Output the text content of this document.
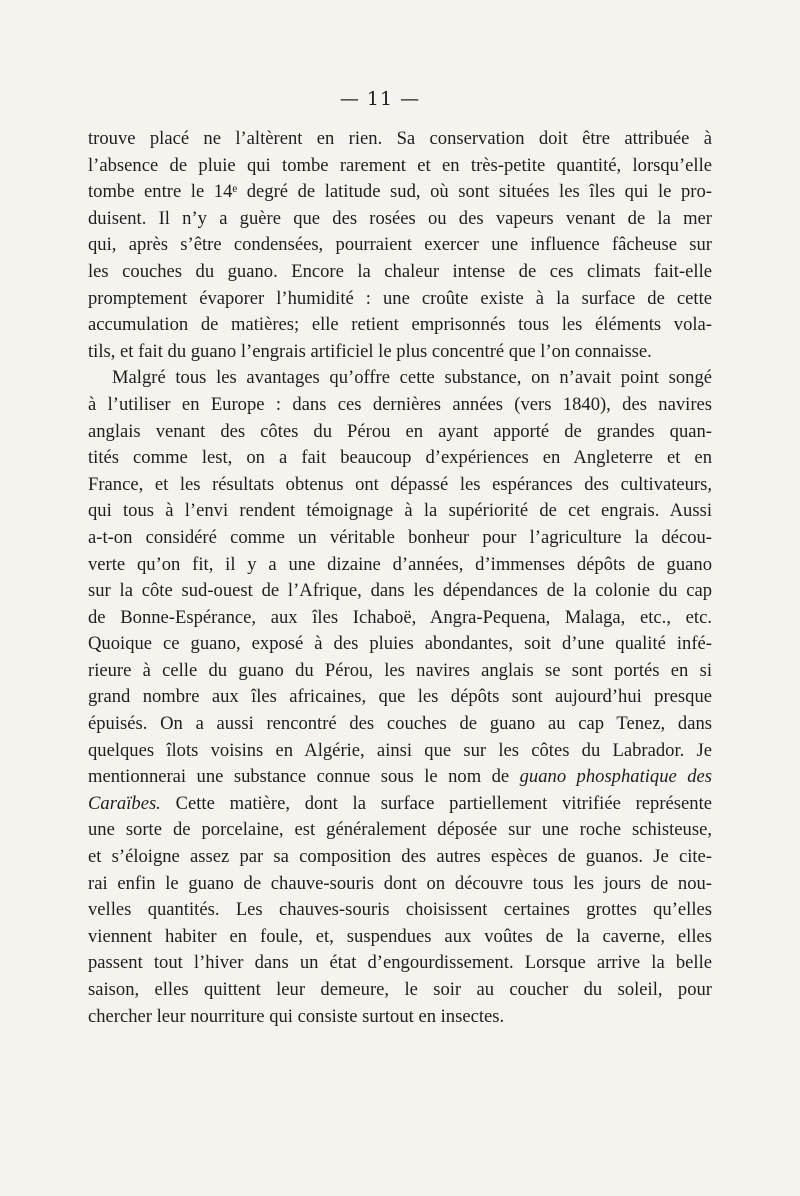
— 11 —
trouve placé ne l’altèrent en rien. Sa conservation doit être attribuée à
l’absence de pluie qui tombe rarement et en très-petite quantité, lorsqu’elle
tombe entre le 14ᵉ degré de latitude sud, où sont situées les îles qui le pro-
duisent. Il n’y a guère que des rosées ou des vapeurs venant de la mer
qui, après s’être condensées, pourraient exercer une influence fâcheuse sur
les couches du guano. Encore la chaleur intense de ces climats fait-elle
promptement évaporer l’humidité : une croûte existe à la surface de cette
accumulation de matières; elle retient emprisonnés tous les éléments vola-
tils, et fait du guano l’engrais artificiel le plus concentré que l’on connaisse.
Malgré tous les avantages qu’offre cette substance, on n’avait point songé
à l’utiliser en Europe : dans ces dernières années (vers 1840), des navires
anglais venant des côtes du Pérou en ayant apporté de grandes quan-
tités comme lest, on a fait beaucoup d’expériences en Angleterre et en
France, et les résultats obtenus ont dépassé les espérances des cultivateurs,
qui tous à l’envi rendent témoignage à la supériorité de cet engrais. Aussi
a-t-on considéré comme un véritable bonheur pour l’agriculture la décou-
verte qu’on fit, il y a une dizaine d’années, d’immenses dépôts de guano
sur la côte sud-ouest de l’Afrique, dans les dépendances de la colonie du cap
de Bonne-Espérance, aux îles Ichaboë, Angra-Pequena, Malaga, etc., etc.
Quoique ce guano, exposé à des pluies abondantes, soit d’une qualité infé-
rieure à celle du guano du Pérou, les navires anglais se sont portés en si
grand nombre aux îles africaines, que les dépôts sont aujourd’hui presque
épuisés. On a aussi rencontré des couches de guano au cap Tenez, dans
quelques îlots voisins en Algérie, ainsi que sur les côtes du Labrador. Je
mentionnerai une substance connue sous le nom de guano phosphatique des
Caraïbes. Cette matière, dont la surface partiellement vitrifiée représente
une sorte de porcelaine, est généralement déposée sur une roche schisteuse,
et s’éloigne assez par sa composition des autres espèces de guanos. Je cite-
rai enfin le guano de chauve-souris dont on découvre tous les jours de nou-
velles quantités. Les chauves-souris choisissent certaines grottes qu’elles
viennent habiter en foule, et, suspendues aux voûtes de la caverne, elles
passent tout l’hiver dans un état d’engourdissement. Lorsque arrive la belle
saison, elles quittent leur demeure, le soir au coucher du soleil, pour
chercher leur nourriture qui consiste surtout en insectes.
